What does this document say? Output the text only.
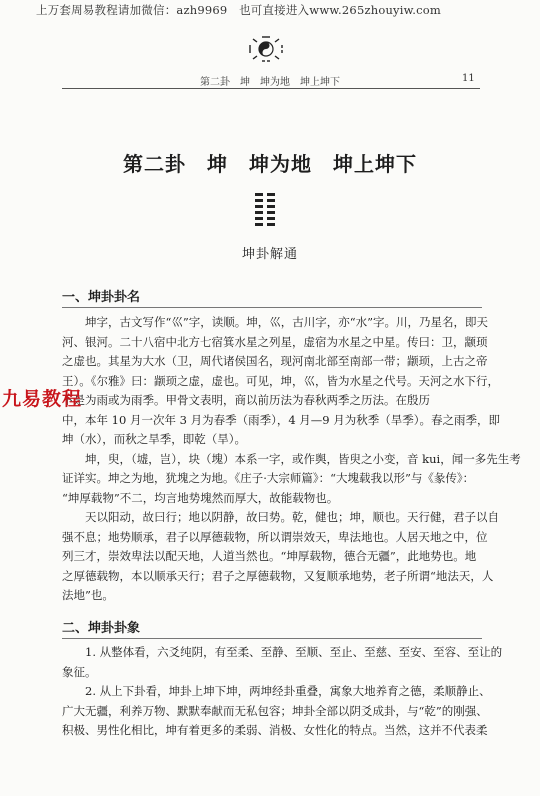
上万套周易教程请加微信：azh9969　也可直接进入www.265zhouyiw.com
第二卦　坤　坤为地　坤上坤下	11
第二卦　坤　坤为地　坤上坤下
坤卦解通
一、坤卦卦名

　　坤字，古文写作“巛”字，读顺。坤，巛，古川字，亦“水”字。川，乃星名，即天
河、银河。二十八宿中北方七宿箕水星之列星，虚宿为水星之中星。传曰：卫，颛顼
之虚也。其星为大水（卫，周代诸侯国名，现河南北部至南部一带；颛顼，上古之帝
王）。《尔雅》曰：颛顼之虚，虚也。可见，坤，巛，皆为水星之代号。天河之水下行，
下是为雨或为雨季。甲骨文表明，商以前历法为春秋两季之历法。在殷历
中，本年 10 月一次年 3 月为春季（雨季），4 月—9 月为秋季（旱季）。春之雨季，即
坤（水），而秋之旱季，即乾（旱）。
　　坤，臾，（墟，岂），块（塊）本系一字，或作舆，皆臾之小变，音 kui，闻一多先生考
证详实。坤之为地，犹塊之为地。《庄子·大宗师篇》：“大塊载我以形”与《彖传》：
“坤厚载物”不二，均言地势塊然而厚大，故能载物也。
　　天以阳动，故曰行；地以阴静，故曰势。乾，健也；坤，顺也。天行健，君子以自
强不息；地势顺承，君子以厚德载物，所以谓崇效天，卑法地也。人居天地之中，位
列三才，崇效卑法以配天地，人道当然也。“坤厚载物，德合无疆”，此地势也。地
之厚德载物，本以顺承天行；君子之厚德载物，又复顺承地势，老子所谓“地法天，人
法地”也。

二、坤卦卦象

　　1. 从整体看，六爻纯阴，有至柔、至静、至顺、至止、至慈、至安、至容、至让的
象征。
　　2. 从上下卦看，坤卦上坤下坤，两坤经卦重叠，寓象大地养育之德，柔顺静止、
广大无疆，利养万物、默默奉献而无私包容；坤卦全部以阴爻成卦，与“乾”的刚强、
积极、男性化相比，坤有着更多的柔弱、消极、女性化的特点。当然，这并不代表柔

九易教程
